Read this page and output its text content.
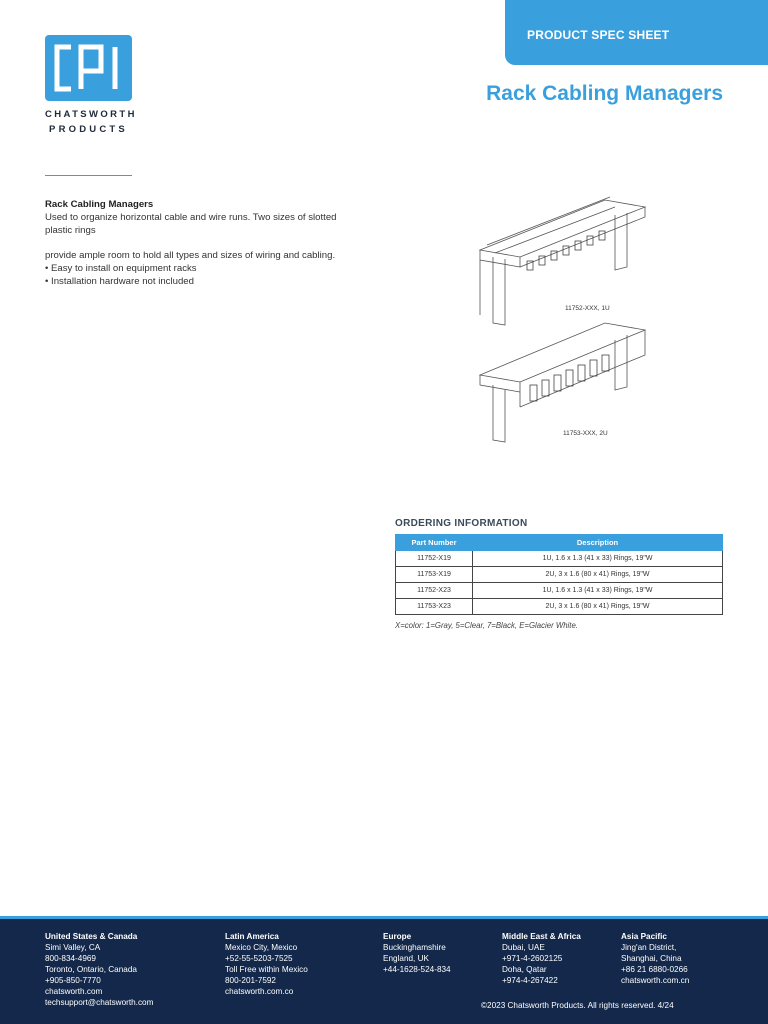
PRODUCT SPEC SHEET
CHATSWORTH
PRODUCTS
Rack Cabling Managers
Rack Cabling Managers
Used to organize horizontal cable and wire runs. Two sizes of slotted
plastic rings
provide ample room to hold all types and sizes of wiring and cabling.
• Easy to install on equipment racks
• Installation hardware not included
11752-XXX, 1U
11753-XXX, 2U
ORDERING INFORMATION
Part Number	Description
11752-X19	1U, 1.6 x 1.3 (41 x 33) Rings, 19"W
11753-X19	2U, 3 x 1.6 (80 x 41) Rings, 19"W
11752-X23	1U, 1.6 x 1.3 (41 x 33) Rings, 19"W
11753-X23	2U, 3 x 1.6 (80 x 41) Rings, 19"W
X=color: 1=Gray, 5=Clear, 7=Black, E=Glacier White.
United States & Canada
Simi Valley, CA
800-834-4969
Toronto, Ontario, Canada
+905-850-7770
chatsworth.com
techsupport@chatsworth.com
Latin America
Mexico City, Mexico
+52-55-5203-7525
Toll Free within Mexico
800-201-7592
chatsworth.com.co
Europe
Buckinghamshire
England, UK
+44-1628-524-834
Middle East & Africa
Dubai, UAE
+971-4-2602125
Doha, Qatar
+974-4-267422
Asia Pacific
Jing'an District,
Shanghai, China
+86 21 6880-0266
chatsworth.com.cn
©2023 Chatsworth Products. All rights reserved. 4/24
